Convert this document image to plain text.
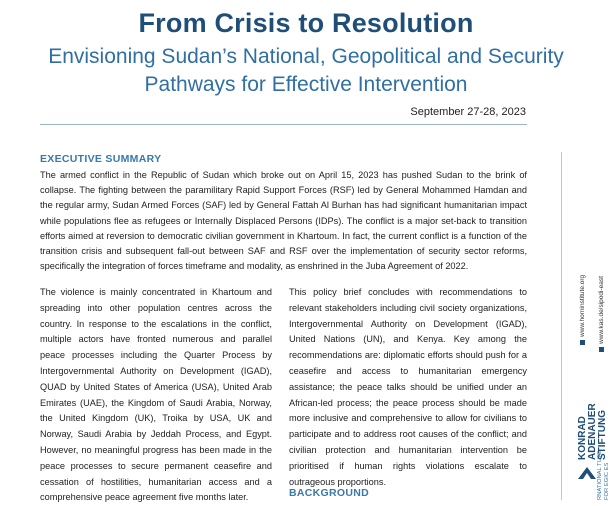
From Crisis to Resolution
Envisioning Sudan’s National, Geopolitical and Security Pathways for Effective Intervention
September 27-28, 2023
EXECUTIVE SUMMARY

The armed conflict in the Republic of Sudan which broke out on April 15, 2023 has pushed Sudan to the brink of collapse. The fighting between the paramilitary Rapid Support Forces (RSF) led by General Mohammed Hamdan and the regular army, Sudan Armed Forces (SAF) led by General Fattah Al Burhan has had significant humanitarian impact while populations flee as refugees or Internally Displaced Persons (IDPs). The conflict is a major set-back to transition efforts aimed at reversion to democratic civilian government in Khartoum. In fact, the current conflict is a function of the transition crisis and subsequent fall-out between SAF and RSF over the implementation of security sector reforms, specifically the integration of forces timeframe and modality, as enshrined in the Juba Agreement of 2022.

The violence is mainly concentrated in Khartoum and spreading into other population centres across the country. In response to the escalations in the conflict, multiple actors have fronted numerous and parallel peace processes including the Quarter Process by Intergovernmental Authority on Development (IGAD), QUAD by United States of America (USA), United Arab Emirates (UAE), the Kingdom of Saudi Arabia, Norway, the United Kingdom (UK), Troika by USA, UK and Norway, Saudi Arabia by Jeddah Process, and Egypt. However, no meaningful progress has been made in the peace processes to secure permanent ceasefire and cessation of hostilities, humanitarian access and a comprehensive peace agreement five months later.

This policy brief concludes with recommendations to relevant stakeholders including civil society organizations, Intergovernmental Authority on Development (IGAD), United Nations (UN), and Kenya. Key among the recommendations are: diplomatic efforts should push for a ceasefire and access to humanitarian emergency assistance; the peace talks should be unified under an African-led process; the peace process should be made more inclusive and comprehensive to allow for civilians to participate and to address root causes of the conflict; and civilian protection and humanitarian intervention be prioritised if human rights violations escalate to outrageous proportions.

BACKGROUND
www.horninstitute.org www.kas.de/sipodi-east
KONRAD ADENAUER STIFTUNG
RNATIONAL TUTE FOR EGIC ES
